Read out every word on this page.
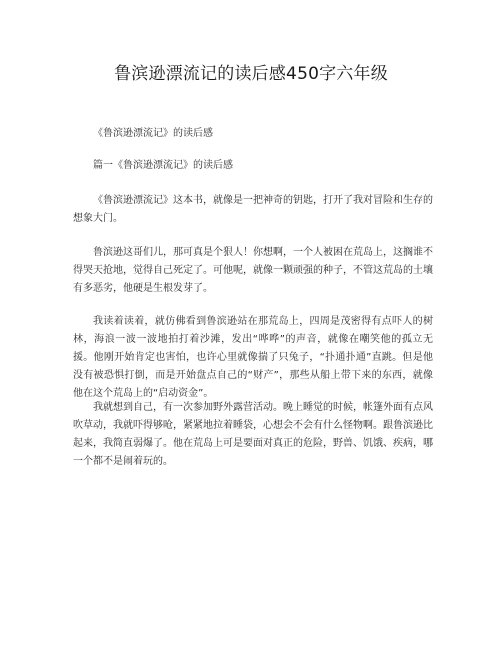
鲁滨逊漂流记的读后感450字六年级

《鲁滨逊漂流记》的读后感

篇一《鲁滨逊漂流记》的读后感

《鲁滨逊漂流记》这本书，就像是一把神奇的钥匙，打开了我对冒险和生存的想象大门。

鲁滨逊这哥们儿，那可真是个狠人！你想啊，一个人被困在荒岛上，这搁谁不得哭天抢地，觉得自己死定了。可他呢，就像一颗顽强的种子，不管这荒岛的土壤有多恶劣，他硬是生根发芽了。

我读着读着，就仿佛看到鲁滨逊站在那荒岛上，四周是茂密得有点吓人的树林，海浪一波一波地拍打着沙滩，发出“哗哗”的声音，就像在嘲笑他的孤立无援。他刚开始肯定也害怕，也许心里就像揣了只兔子，“扑通扑通”直跳。但是他没有被恐惧打倒，而是开始盘点自己的“财产”，那些从船上带下来的东西，就像他在这个荒岛上的“启动资金”。

我就想到自己，有一次参加野外露营活动。晚上睡觉的时候，帐篷外面有点风吹草动，我就吓得够呛，紧紧地拉着睡袋，心想会不会有什么怪物啊。跟鲁滨逊比起来，我简直弱爆了。他在荒岛上可是要面对真正的危险，野兽、饥饿、疾病，哪一个都不是闹着玩的。
